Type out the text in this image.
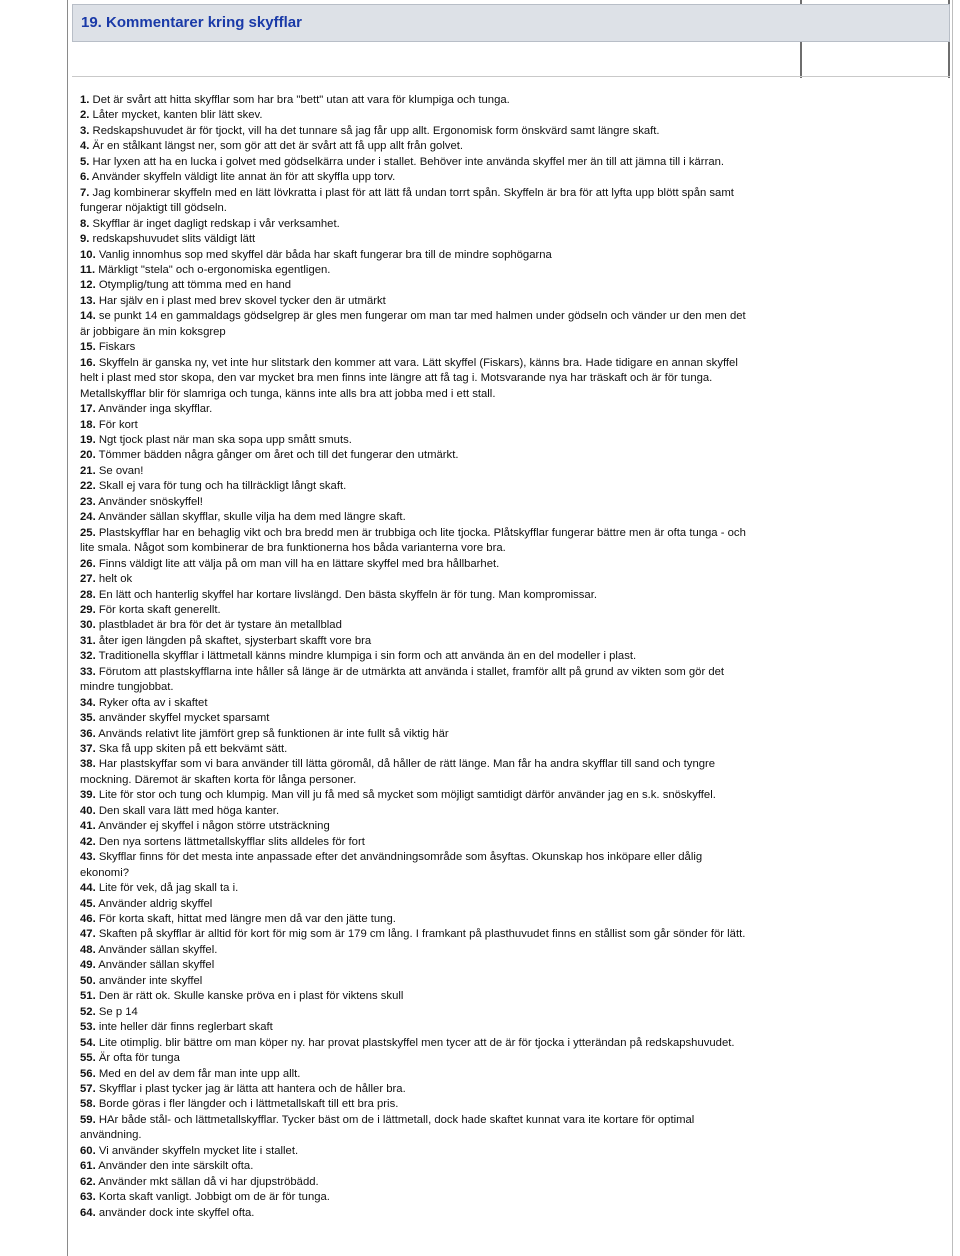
19. Kommentarer kring skyfflar

1. Det är svårt att hitta skyfflar som har bra "bett" utan att vara för klumpiga och tunga.

2. Låter mycket, kanten blir lätt skev.

3. Redskapshuvudet är för tjockt, vill ha det tunnare så jag får upp allt. Ergonomisk form önskvärd samt längre skaft.

4. Är en stålkant längst ner, som gör att det är svårt att få upp allt från golvet.

5. Har lyxen att ha en lucka i golvet med gödselkärra under i stallet. Behöver inte använda skyffel mer än till att jämna till i kärran.

6. Använder skyffeln väldigt lite annat än för att skyffla upp torv.

7. Jag kombinerar skyffeln med en lätt lövkratta i plast för att lätt få undan torrt spån. Skyffeln är bra för att lyfta upp blött spån samt fungerar nöjaktigt till gödseln.

8. Skyfflar är inget dagligt redskap i vår verksamhet.

9. redskapshuvudet slits väldigt lätt

10. Vanlig innomhus sop med skyffel där båda har skaft fungerar bra till de mindre sophögarna

11. Märkligt "stela" och o-ergonomiska egentligen.

12. Otymplig/tung att tömma med en hand

13. Har själv en i plast med brev skovel tycker den är utmärkt

14. se punkt 14 en gammaldags gödselgrep är gles men fungerar om man tar med halmen under gödseln och vänder ur den men det är jobbigare än min koksgrep

15. Fiskars

16. Skyffeln är ganska ny, vet inte hur slitstark den kommer att vara. Lätt skyffel (Fiskars), känns bra. Hade tidigare en annan skyffel helt i plast med stor skopa, den var mycket bra men finns inte längre att få tag i. Motsvarande nya har träskaft och är för tunga. Metallskyfflar blir för slamriga och tunga, känns inte alls bra att jobba med i ett stall.

17. Använder inga skyfflar.

18. För kort

19. Ngt tjock plast när man ska sopa upp smått smuts.

20. Tömmer bädden några gånger om året och till det fungerar den utmärkt.

21. Se ovan!

22. Skall ej vara för tung och ha tillräckligt långt skaft.

23. Använder snöskyffel!

24. Använder sällan skyfflar, skulle vilja ha dem med längre skaft.

25. Plastskyfflar har en behaglig vikt och bra bredd men är trubbiga och lite tjocka. Plåtskyfflar fungerar bättre men är ofta tunga - och lite smala. Något som kombinerar de bra funktionerna hos båda varianterna vore bra.

26. Finns väldigt lite att välja på om man vill ha en lättare skyffel med bra hållbarhet.

27. helt ok

28. En lätt och hanterlig skyffel har kortare livslängd. Den bästa skyffeln är för tung. Man kompromissar.

29. För korta skaft generellt.

30. plastbladet är bra för det är tystare än metallblad

31. åter igen längden på skaftet, sjysterbart skafft vore bra

32. Traditionella skyfflar i lättmetall känns mindre klumpiga i sin form och att använda än en del modeller i plast.

33. Förutom att plastskyfflarna inte håller så länge är de utmärkta att använda i stallet, framför allt på grund av vikten som gör det mindre tungjobbat.

34. Ryker ofta av i skaftet

35. använder skyffel mycket sparsamt

36. Används relativt lite jämfört grep så funktionen är inte fullt så viktig här

37. Ska få upp skiten på ett bekvämt sätt.

38. Har plastskyffar som vi bara använder till lätta göromål, då håller de rätt länge. Man får ha andra skyfflar till sand och tyngre mockning. Däremot är skaften korta för långa personer.

39. Lite för stor och tung och klumpig. Man vill ju få med så mycket som möjligt samtidigt därför använder jag en s.k. snöskyffel.

40. Den skall vara lätt med höga kanter.

41. Använder ej skyffel i någon större utsträckning

42. Den nya sortens lättmetallskyfflar slits alldeles för fort

43. Skyfflar finns för det mesta inte anpassade efter det användningsområde som åsyftas. Okunskap hos inköpare eller dålig ekonomi?

44. Lite för vek, då jag skall ta i.

45. Använder aldrig skyffel

46. För korta skaft, hittat med längre men då var den jätte tung.

47. Skaften på skyfflar är alltid för kort för mig som är 179 cm lång. I framkant på plasthuvudet finns en stållist som går sönder för lätt.

48. Använder sällan skyffel.

49. Använder sällan skyffel

50. använder inte skyffel

51. Den är rätt ok. Skulle kanske pröva en i plast för viktens skull

52. Se p 14

53. inte heller där finns reglerbart skaft

54. Lite otimplig. blir bättre om man köper ny. har provat plastskyffel men tycer att de är för tjocka i ytterändan på redskapshuvudet.

55. Är ofta för tunga

56. Med en del av dem får man inte upp allt.

57. Skyfflar i plast tycker jag är lätta att hantera och de håller bra.

58. Borde göras i fler längder och i lättmetallskaft till ett bra pris.

59. HAr både stål- och lättmetallskyfflar. Tycker bäst om de i lättmetall, dock hade skaftet kunnat vara ite kortare för optimal användning.

60. Vi använder skyffeln mycket lite i stallet.

61. Använder den inte särskilt ofta.

62. Använder mkt sällan då vi har djupströbädd.

63. Korta skaft vanligt. Jobbigt om de är för tunga.

64. använder dock inte skyffel ofta.
